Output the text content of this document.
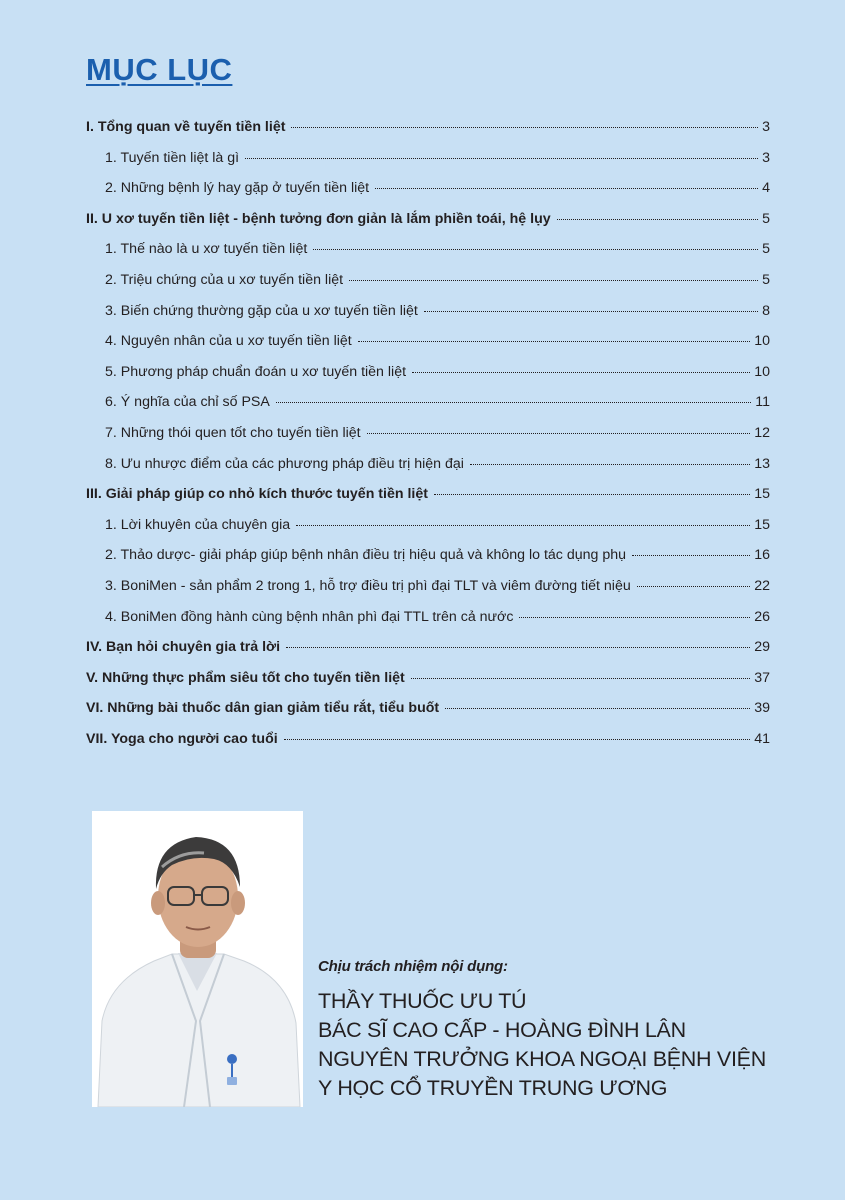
MỤC LỤC
I. Tổng quan về tuyến tiền liệt	3
1. Tuyến tiền liệt là gì	3
2. Những bệnh lý hay gặp ở tuyến tiền liệt	4
II. U xơ tuyến tiền liệt - bệnh tưởng đơn giản là lắm phiền toái, hệ lụy	5
1. Thế nào là u xơ tuyến tiền liệt	5
2. Triệu chứng của u xơ tuyến tiền liệt	5
3. Biến chứng thường gặp của u xơ tuyến tiền liệt	8
4. Nguyên nhân của u xơ tuyến tiền liệt	10
5. Phương pháp chuẩn đoán u xơ tuyến tiền liệt	10
6. Ý nghĩa của chỉ số PSA	11
7. Những thói quen tốt cho tuyến tiền liệt	12
8. Ưu nhược điểm của các phương pháp điều trị hiện đại	13
III. Giải pháp giúp co nhỏ kích thước tuyến tiền liệt	15
1. Lời khuyên của chuyên gia	15
2. Thảo dược- giải pháp giúp bệnh nhân điều trị hiệu quả và không lo tác dụng phụ	16
3. BoniMen - sản phẩm 2 trong 1, hỗ trợ điều trị phì đại TLT và viêm đường tiết niệu	22
4. BoniMen đồng hành cùng bệnh nhân phì đại TTL trên cả nước	26
IV. Bạn hỏi chuyên gia trả lời	29
V. Những thực phẩm siêu tốt cho tuyến tiền liệt	37
VI. Những bài thuốc dân gian giảm tiểu rắt, tiểu buốt	39
VII. Yoga cho người cao tuổi	41
Chịu trách nhiệm nội dụng:
THẦY THUỐC ƯU TÚ
BÁC SĨ CAO CẤP - HOÀNG ĐÌNH LÂN
NGUYÊN TRƯỞNG KHOA NGOẠI BỆNH VIỆN
Y HỌC CỔ TRUYỀN TRUNG ƯƠNG
